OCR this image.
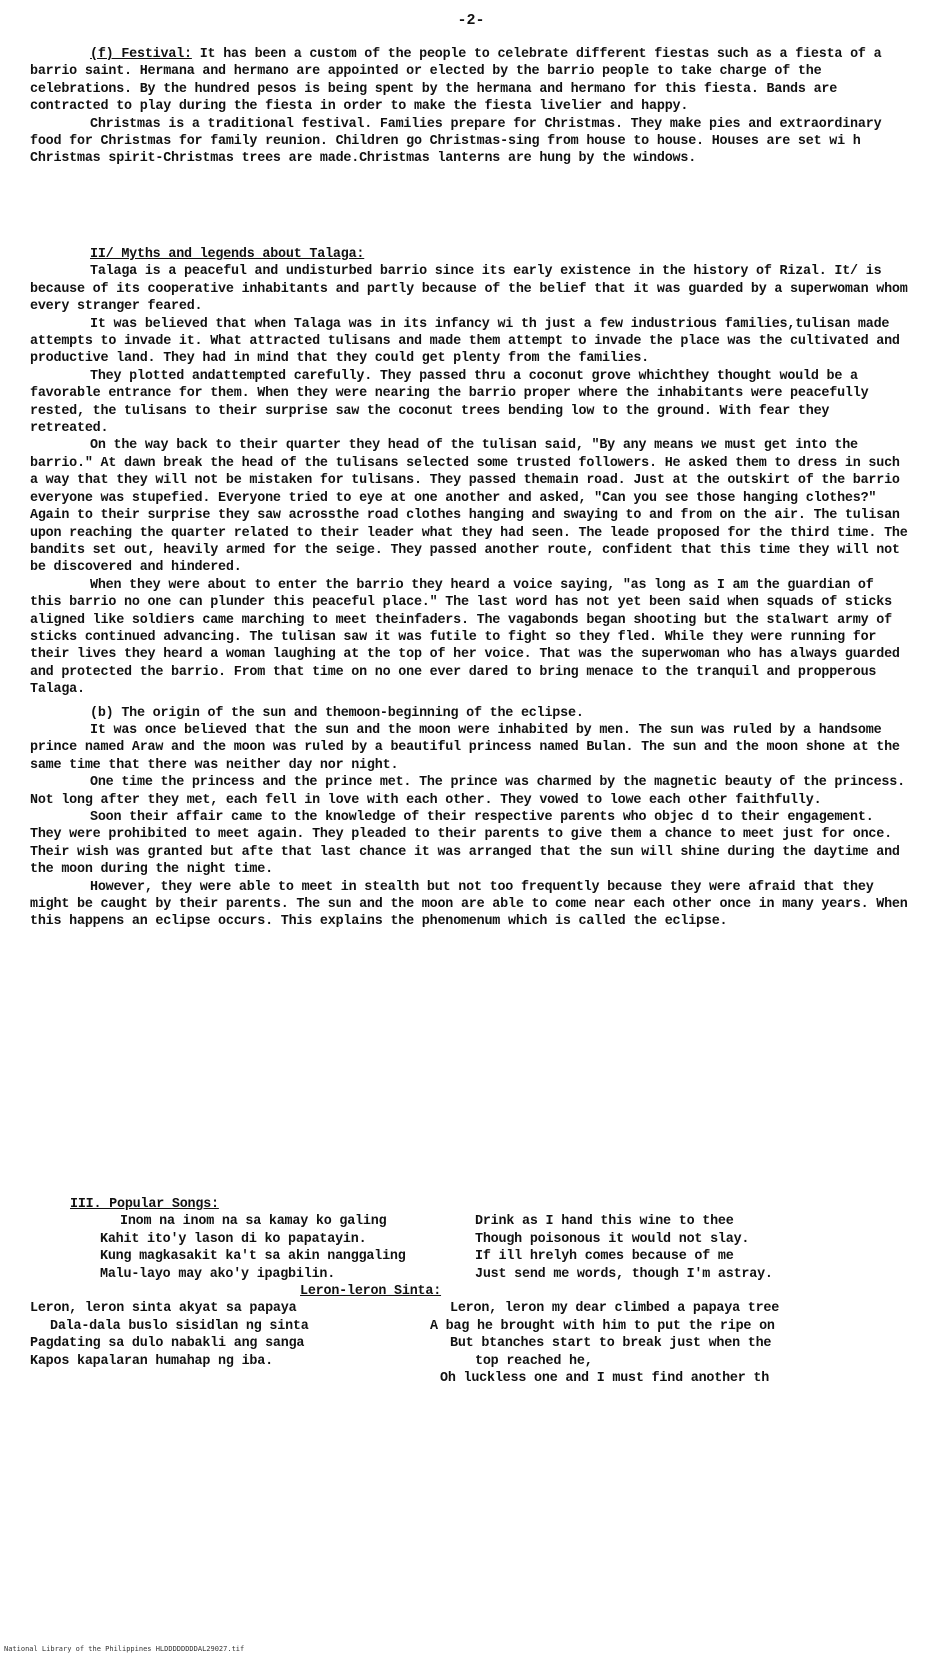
-2-

(f) Festival: It has been a custom of the people to celebrate different fiestas such as a fiesta of a barrio saint. Hermana and hermano are appointed or elected by the barrio people to take charge of the celebrations. By the hundred pesos is being spent by the hermana and hermano for this fiesta. Bands are contracted to play during the fiesta in order to make the fiesta livelier and happy.

Christmas is a traditional festival. Families prepare for Christmas. They make pies and extraordinary food for Christmas for family reunion. Children go Christmas-sing from house to house. Houses are set wi h Christmas spirit-Christmas trees are made.Christmas lanterns are hung by the windows.

II/ Myths and legends about Talaga:

Talaga is a peaceful and undisturbed barrio since its early existence in the history of Rizal. It/ is because of its cooperative inhabitants and partly because of the belief that it was guarded by a superwoman whom every stranger feared.

It was believed that when Talaga was in its infancy wi th just a few industrious families,tulisan made attempts to invade it. What attracted tulisans and made them attempt to invade the place was the cultivated and productive land. They had in mind that they could get plenty from the families.

They plotted andattempted carefully. They passed thru a coconut grove whichthey thought would be a favorable entrance for them. When they were nearing the barrio proper where the inhabitants were peacefully rested, the tulisans to their surprise saw the coconut trees bending low to the ground. With fear they retreated.

On the way back to their quarter they head of the tulisan said, "By any means we must get into the barrio." At dawn break the head of the tulisans selected some trusted followers. He asked them to dress in such a way that they will not be mistaken for tulisans. They passed themain road. Just at the outskirt of the barrio everyone was stupefied. Everyone tried to eye at one another and asked, "Can you see those hanging clothes?" Again to their surprise they saw acrossthe road clothes hanging and swaying to and from on the air. The tulisan upon reaching the quarter related to their leader what they had seen. The leade proposed for the third time. The bandits set out, heavily armed for the seige. They passed another route, confident that this time they will not be discovered and hindered.

When they were about to enter the barrio they heard a voice saying, "as long as I am the guardian of this barrio no one can plunder this peaceful place." The last word has not yet been said when squads of sticks aligned like soldiers came marching to meet theinfaders. The vagabonds began shooting but the stalwart army of sticks continued advancing. The tulisan saw it was futile to fight so they fled. While they were running for their lives they heard a woman laughing at the top of her voice. That was the superwoman who has always guarded and protected the barrio. From that time on no one ever dared to bring menace to the tranquil and propperous Talaga.

(b) The origin of the sun and themoon-beginning of the eclipse.

It was once believed that the sun and the moon were inhabited by men. The sun was ruled by a handsome prince named Araw and the moon was ruled by a beautiful princess named Bulan. The sun and the moon shone at the same time that there was neither day nor night.

One time the princess and the prince met. The prince was charmed by the magnetic beauty of the princess. Not long after they met, each fell in love with each other. They vowed to lowe each other faithfully.

Soon their affair came to the knowledge of their respective parents who objec d to their engagement. They were prohibited to meet again. They pleaded to their parents to give them a chance to meet just for once. Their wish was granted but afte that last chance it was arranged that the sun will shine during the daytime and the moon during the night time.

However, they were able to meet in stealth but not too frequently because they were afraid that they might be caught by their parents. The sun and the moon are able to come near each other once in many years. When this happens an eclipse occurs. This explains the phenomenum which is called the eclipse.

III. Popular Songs:
Inom na inom na sa kamay ko galing	Drink as I hand this wine to thee
Kahit ito'y lason di ko papatayin.	Though poisonous it would not slay.
Kung magkasakit ka't sa akin nanggaling	If ill hrelyh comes because of me
Malu-layo may ako'y ipagbilin.	Just send me words, though I'm astray.
Leron-leron Sinta:
Leron, leron sinta akyat sa papaya	Leron, leron my dear climbed a papaya tree
Dala-dala buslo sisidlan ng sinta	A bag he brought with him to put the ripe on
Pagdating sa dulo nabakli ang sanga	But btanches start to break just when the
Kapos kapalaran humahap ng iba.	top reached he,
Oh luckless one and I must find another th
National Library of the Philippines HLDDDDDDDDAL29027.tif
